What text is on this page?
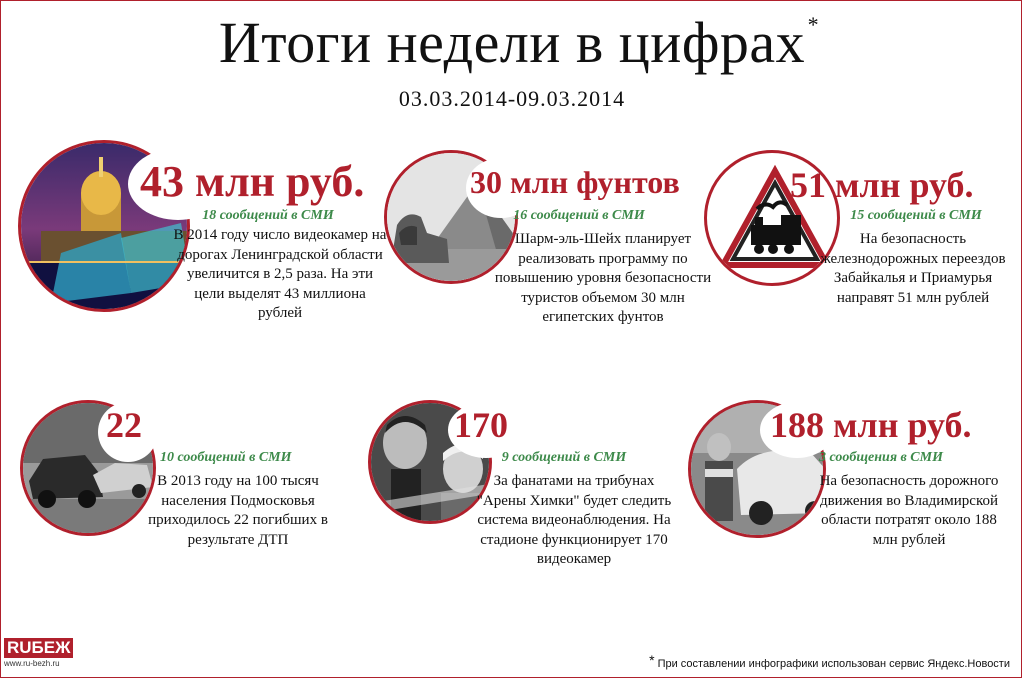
Итоги недели в цифрах *
03.03.2014-09.03.2014
43 млн руб.
18 сообщений в СМИ
В 2014 году число видеокамер на дорогах Ленинградской области увеличится в 2,5 раза. На эти цели выделят 43 миллиона рублей
30 млн фунтов
16 сообщений в СМИ
Шарм-эль-Шейх планирует реализовать программу по повышению уровня безопасности туристов объемом 30 млн египетских фунтов
51 млн руб.
15 сообщений в СМИ
На безопасность железнодорожных переездов Забайкалья и Приамурья направят 51 млн рублей
22
10 сообщений в СМИ
В 2013 году на 100 тысяч населения Подмосковья приходилось 22 погибших в результате ДТП
170
9 сообщений в СМИ
За фанатами на трибунах "Арены Химки" будет следить система видеонаблюдения. На стадионе функционирует 170 видеокамер
188 млн руб.
3 сообщения в СМИ
На безопасность дорожного движения во Владимирской области потратят около 188 млн рублей
RUБЕЖ
www.ru-bezh.ru	* При составлении инфографики использован сервис Яндекс.Новости
